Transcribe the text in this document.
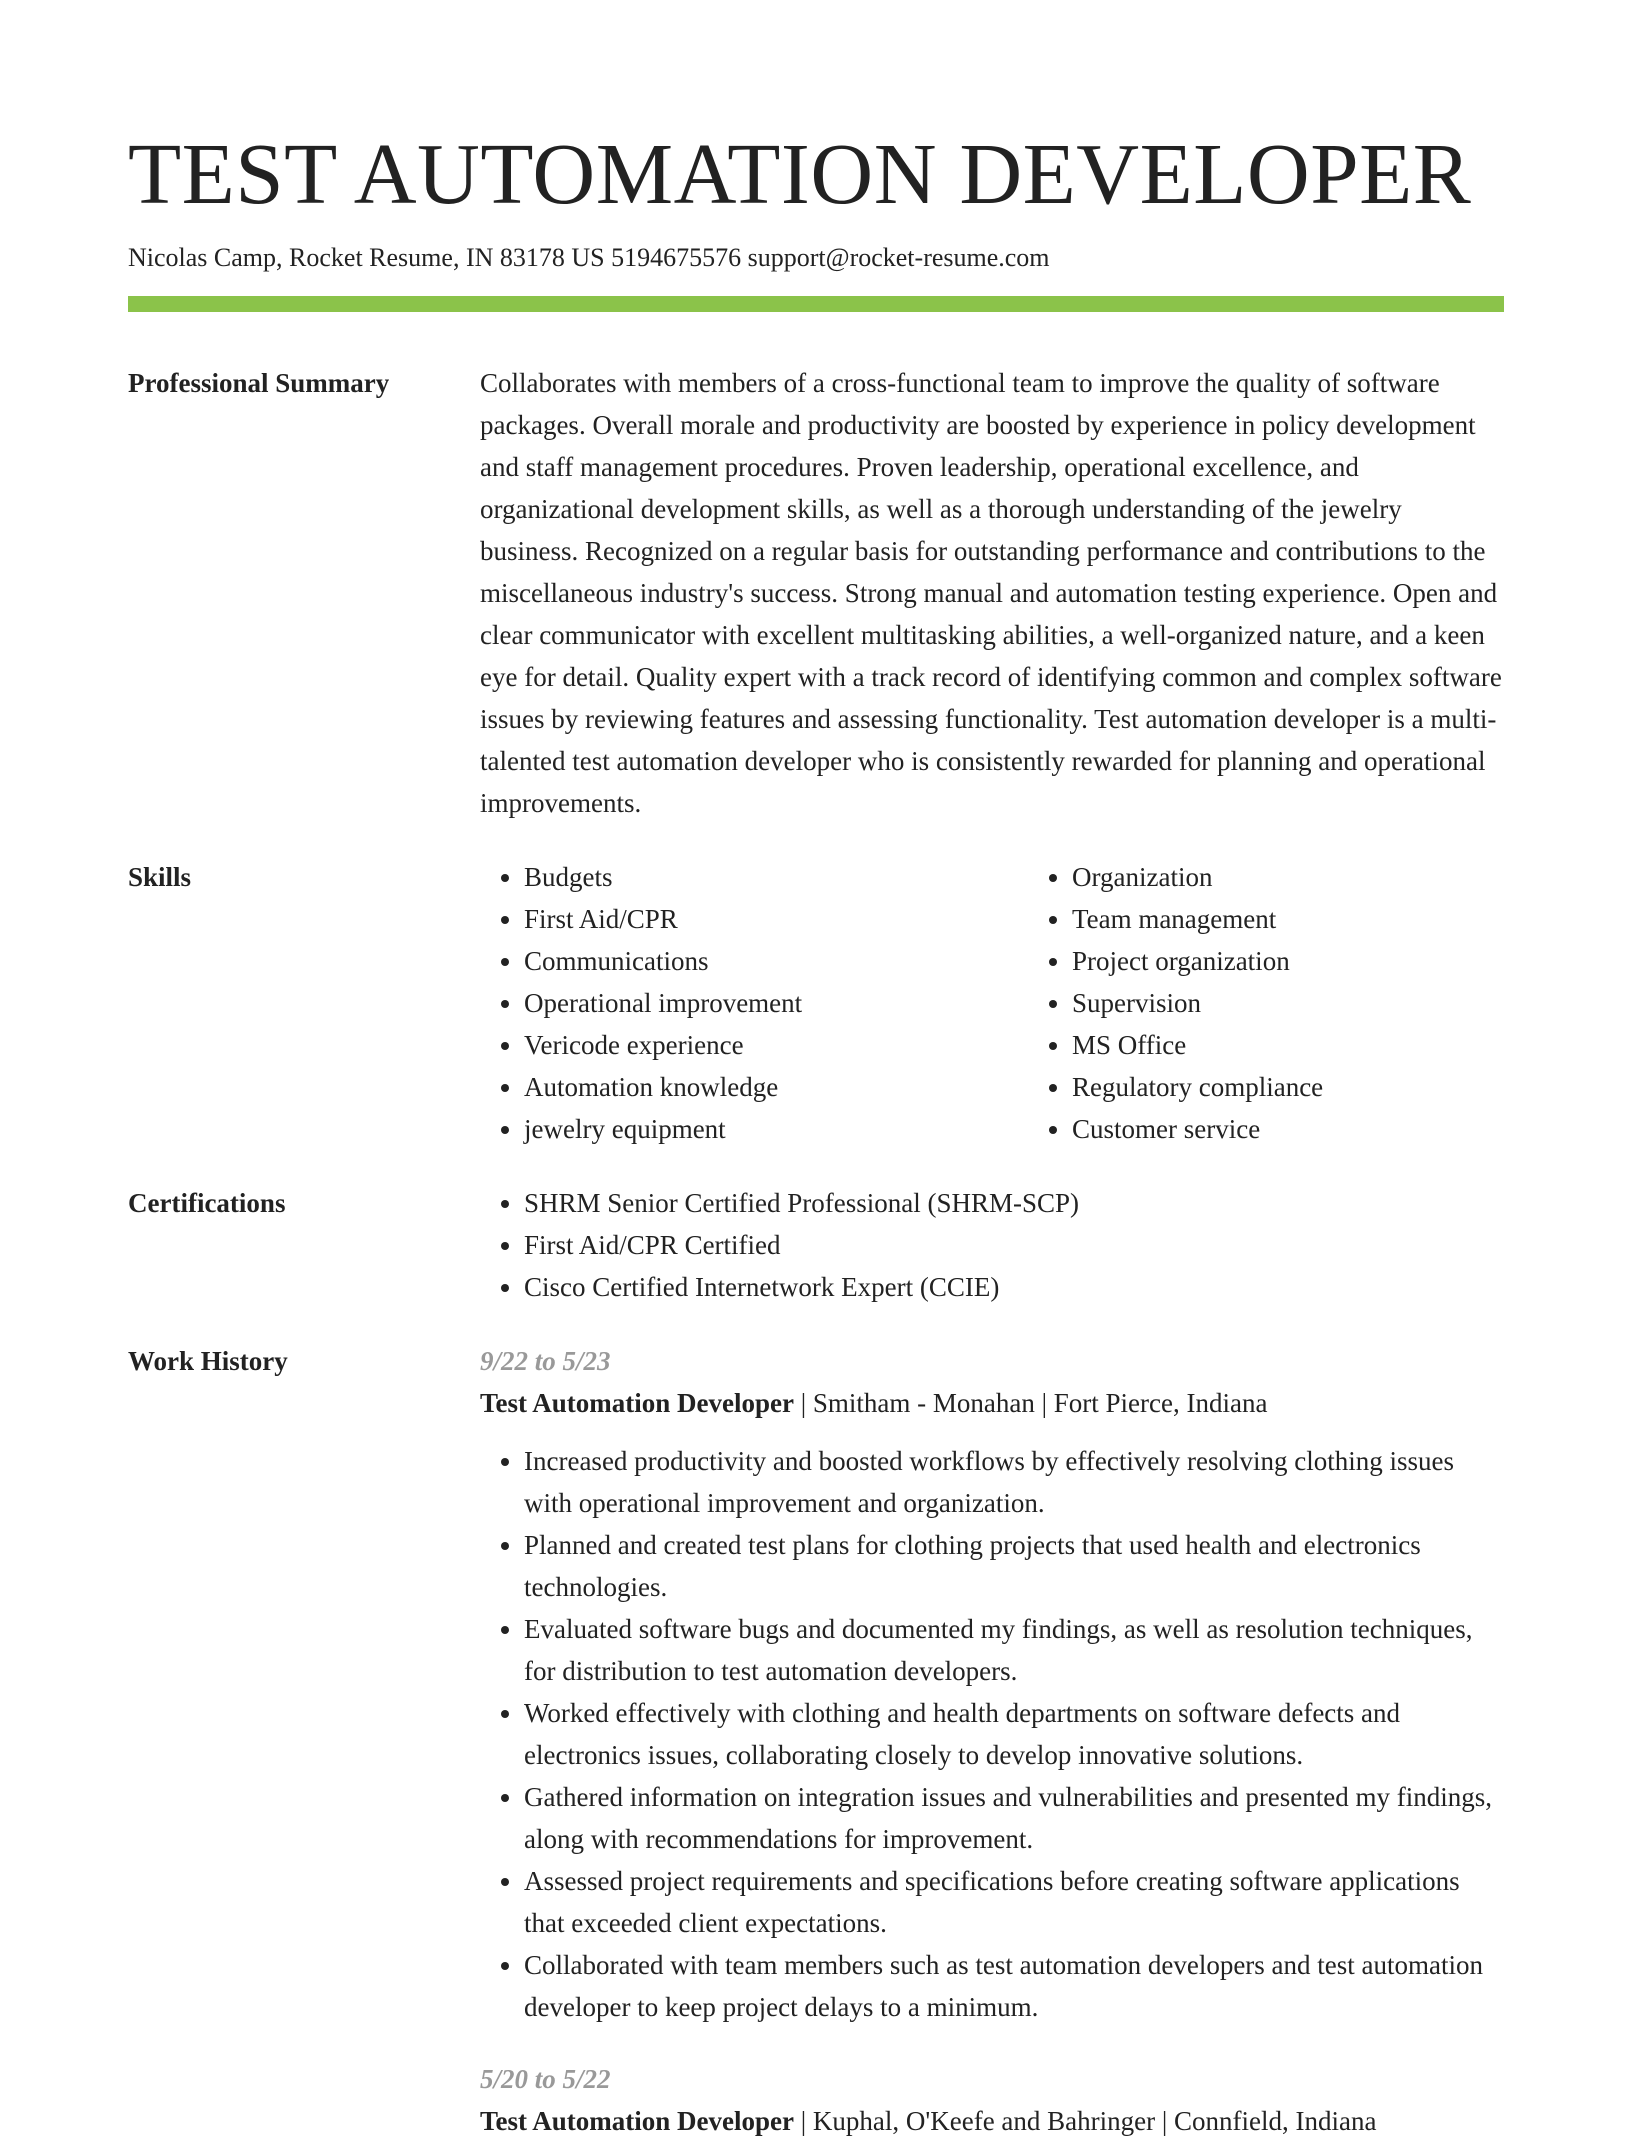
TEST AUTOMATION DEVELOPER
Nicolas Camp, Rocket Resume, IN 83178 US 5194675576 support@rocket-resume.com
Professional Summary	Collaborates with members of a cross-functional team to improve the quality of software packages. Overall morale and productivity are boosted by experience in policy development and staff management procedures. Proven leadership, operational excellence, and organizational development skills, as well as a thorough understanding of the jewelry business. Recognized on a regular basis for outstanding performance and contributions to the miscellaneous industry's success. Strong manual and automation testing experience. Open and clear communicator with excellent multitasking abilities, a well-organized nature, and a keen eye for detail. Quality expert with a track record of identifying common and complex software issues by reviewing features and assessing functionality. Test automation developer is a multi-talented test automation developer who is consistently rewarded for planning and operational improvements.
Skills	• Budgets
• First Aid/CPR
• Communications
• Operational improvement
• Vericode experience
• Automation knowledge
• jewelry equipment
• Organization
• Team management
• Project organization
• Supervision
• MS Office
• Regulatory compliance
• Customer service
Certifications	• SHRM Senior Certified Professional (SHRM-SCP)
• First Aid/CPR Certified
• Cisco Certified Internetwork Expert (CCIE)
Work History	9/22 to 5/23
Test Automation Developer | Smitham - Monahan | Fort Pierce, Indiana
• Increased productivity and boosted workflows by effectively resolving clothing issues with operational improvement and organization.
• Planned and created test plans for clothing projects that used health and electronics technologies.
• Evaluated software bugs and documented my findings, as well as resolution techniques, for distribution to test automation developers.
• Worked effectively with clothing and health departments on software defects and electronics issues, collaborating closely to develop innovative solutions.
• Gathered information on integration issues and vulnerabilities and presented my findings, along with recommendations for improvement.
• Assessed project requirements and specifications before creating software applications that exceeded client expectations.
• Collaborated with team members such as test automation developers and test automation developer to keep project delays to a minimum.
5/20 to 5/22
Test Automation Developer | Kuphal, O'Keefe and Bahringer | Connfield, Indiana
